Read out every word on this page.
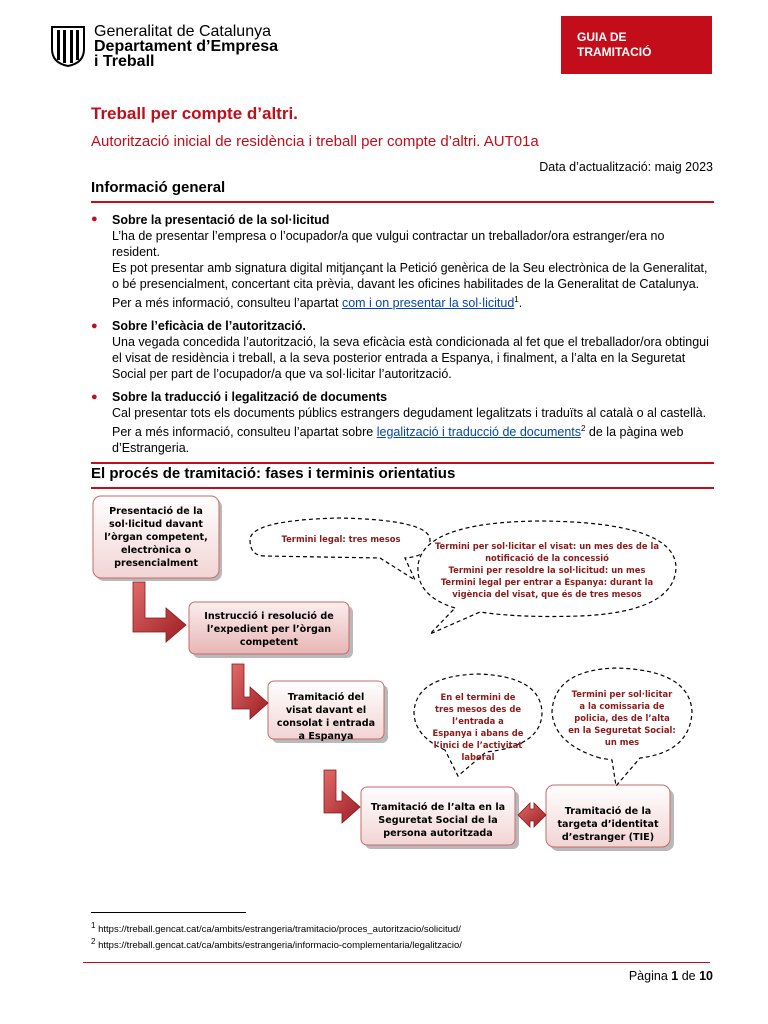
Generalitat de Catalunya
Departament d’Empresa
i Treball
GUIA DE
TRAMITACIÓ
Treball per compte d’altri.
Autorització inicial de residència i treball per compte d’altri. AUT01a
Data d’actualització: maig 2023
Informació general
● Sobre la presentació de la sol·licitud
L’ha de presentar l’empresa o l’ocupador/a que vulgui contractar un treballador/ora estranger/era no resident.
Es pot presentar amb signatura digital mitjançant la Petició genèrica de la Seu electrònica de la Generalitat, o bé presencialment, concertant cita prèvia, davant les oficines habilitades de la Generalitat de Catalunya. Per a més informació, consulteu l’apartat com i on presentar la sol·licitud$^1$.
● Sobre l’eficàcia de l’autorització.
Una vegada concedida l’autorització, la seva eficàcia està condicionada al fet que el treballador/ora obtingui el visat de residència i treball, a la seva posterior entrada a Espanya, i finalment, a l’alta en la Seguretat Social per part de l’ocupador/a que va sol·licitar l’autorització.
● Sobre la traducció i legalització de documents
Cal presentar tots els documents públics estrangers degudament legalitzats i traduïts al català o al castellà. Per a més informació, consulteu l’apartat sobre legalització i traducció de documents$^2$ de la pàgina web d’Estrangeria.
El procés de tramitació: fases i terminis orientatius
Presentació de la sol·licitud davant l’òrgan competent, electrònica o presencialment
Instrucció i resolució de l’expedient per l’òrgan competent
Tramitació del visat davant el consolat i entrada a Espanya
Tramitació de l’alta en la Seguretat Social de la persona autoritzada
Tramitació de la targeta d’identitat d’estranger (TIE)
Termini legal: tres mesos
Termini per sol·licitar el visat: un mes des de la
notificació de la concessió
Termini per resoldre la sol·licitud: un mes
Termini legal per entrar a Espanya: durant la
vigència del visat, que és de tres mesos
En el termini de tres mesos des de l’entrada a Espanya i abans de l’inici de l’activitat laboral
Termini per sol·licitar a la comissaria de policia, des de l’alta en la Seguretat Social: un mes
$^1$ https://treball.gencat.cat/ca/ambits/estrangeria/tramitacio/proces_autoritzacio/solicitud/
$^2$ https://treball.gencat.cat/ca/ambits/estrangeria/informacio-complementaria/legalitzacio/
Pàgina 1 de 10
